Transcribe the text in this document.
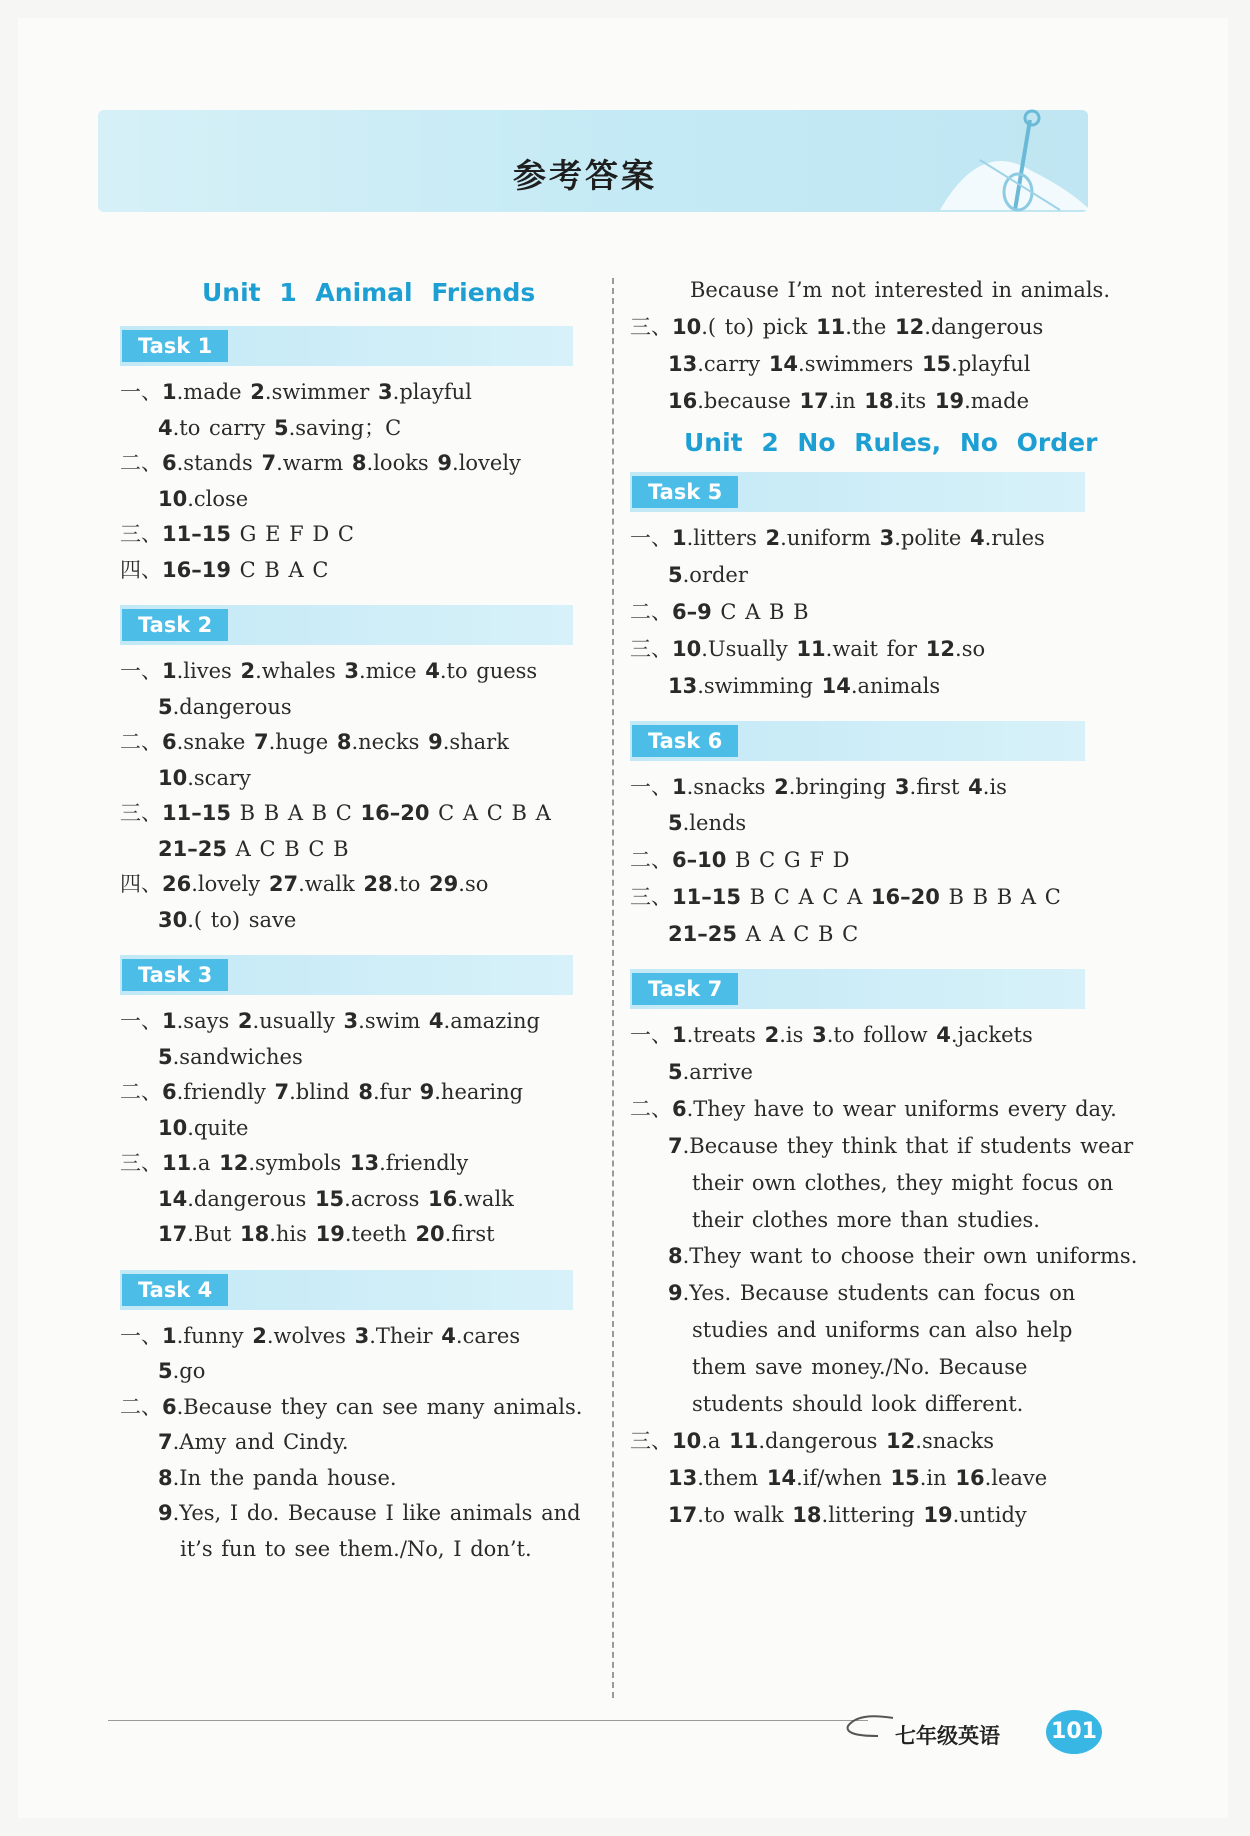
参考答案
七年级英语 101
Unit 1 Animal Friends
Task 1
一、1.made 2.swimmer 3.playful
4.to carry 5.saving；C
二、6.stands 7.warm 8.looks 9.lovely
10.close
三、11–15 G E F D C
四、16–19 C B A C
Task 2
一、1.lives 2.whales 3.mice 4.to guess
5.dangerous
二、6.snake 7.huge 8.necks 9.shark
10.scary
三、11–15 B B A B C 16–20 C A C B A
21–25 A C B C B
四、26.lovely 27.walk 28.to 29.so
30.( to) save
Task 3
一、1.says 2.usually 3.swim 4.amazing
5.sandwiches
二、6.friendly 7.blind 8.fur 9.hearing
10.quite
三、11.a 12.symbols 13.friendly
14.dangerous 15.across 16.walk
17.But 18.his 19.teeth 20.first
Task 4
一、1.funny 2.wolves 3.Their 4.cares
5.go
二、6.Because they can see many animals.
7.Amy and Cindy.
8.In the panda house.
9.Yes, I do. Because I like animals and
it’s fun to see them./No, I don’t.
Because I’m not interested in animals.
三、10.( to) pick 11.the 12.dangerous
13.carry 14.swimmers 15.playful
16.because 17.in 18.its 19.made
Unit 2 No Rules, No Order
Task 5
一、1.litters 2.uniform 3.polite 4.rules
5.order
二、6–9 C A B B
三、10.Usually 11.wait for 12.so
13.swimming 14.animals
Task 6
一、1.snacks 2.bringing 3.first 4.is
5.lends
二、6–10 B C G F D
三、11–15 B C A C A 16–20 B B B A C
21–25 A A C B C
Task 7
一、1.treats 2.is 3.to follow 4.jackets
5.arrive
二、6.They have to wear uniforms every day.
7.Because they think that if students wear
their own clothes, they might focus on
their clothes more than studies.
8.They want to choose their own uniforms.
9.Yes. Because students can focus on
studies and uniforms can also help
them save money./No. Because
students should look different.
三、10.a 11.dangerous 12.snacks
13.them 14.if/when 15.in 16.leave
17.to walk 18.littering 19.untidy
